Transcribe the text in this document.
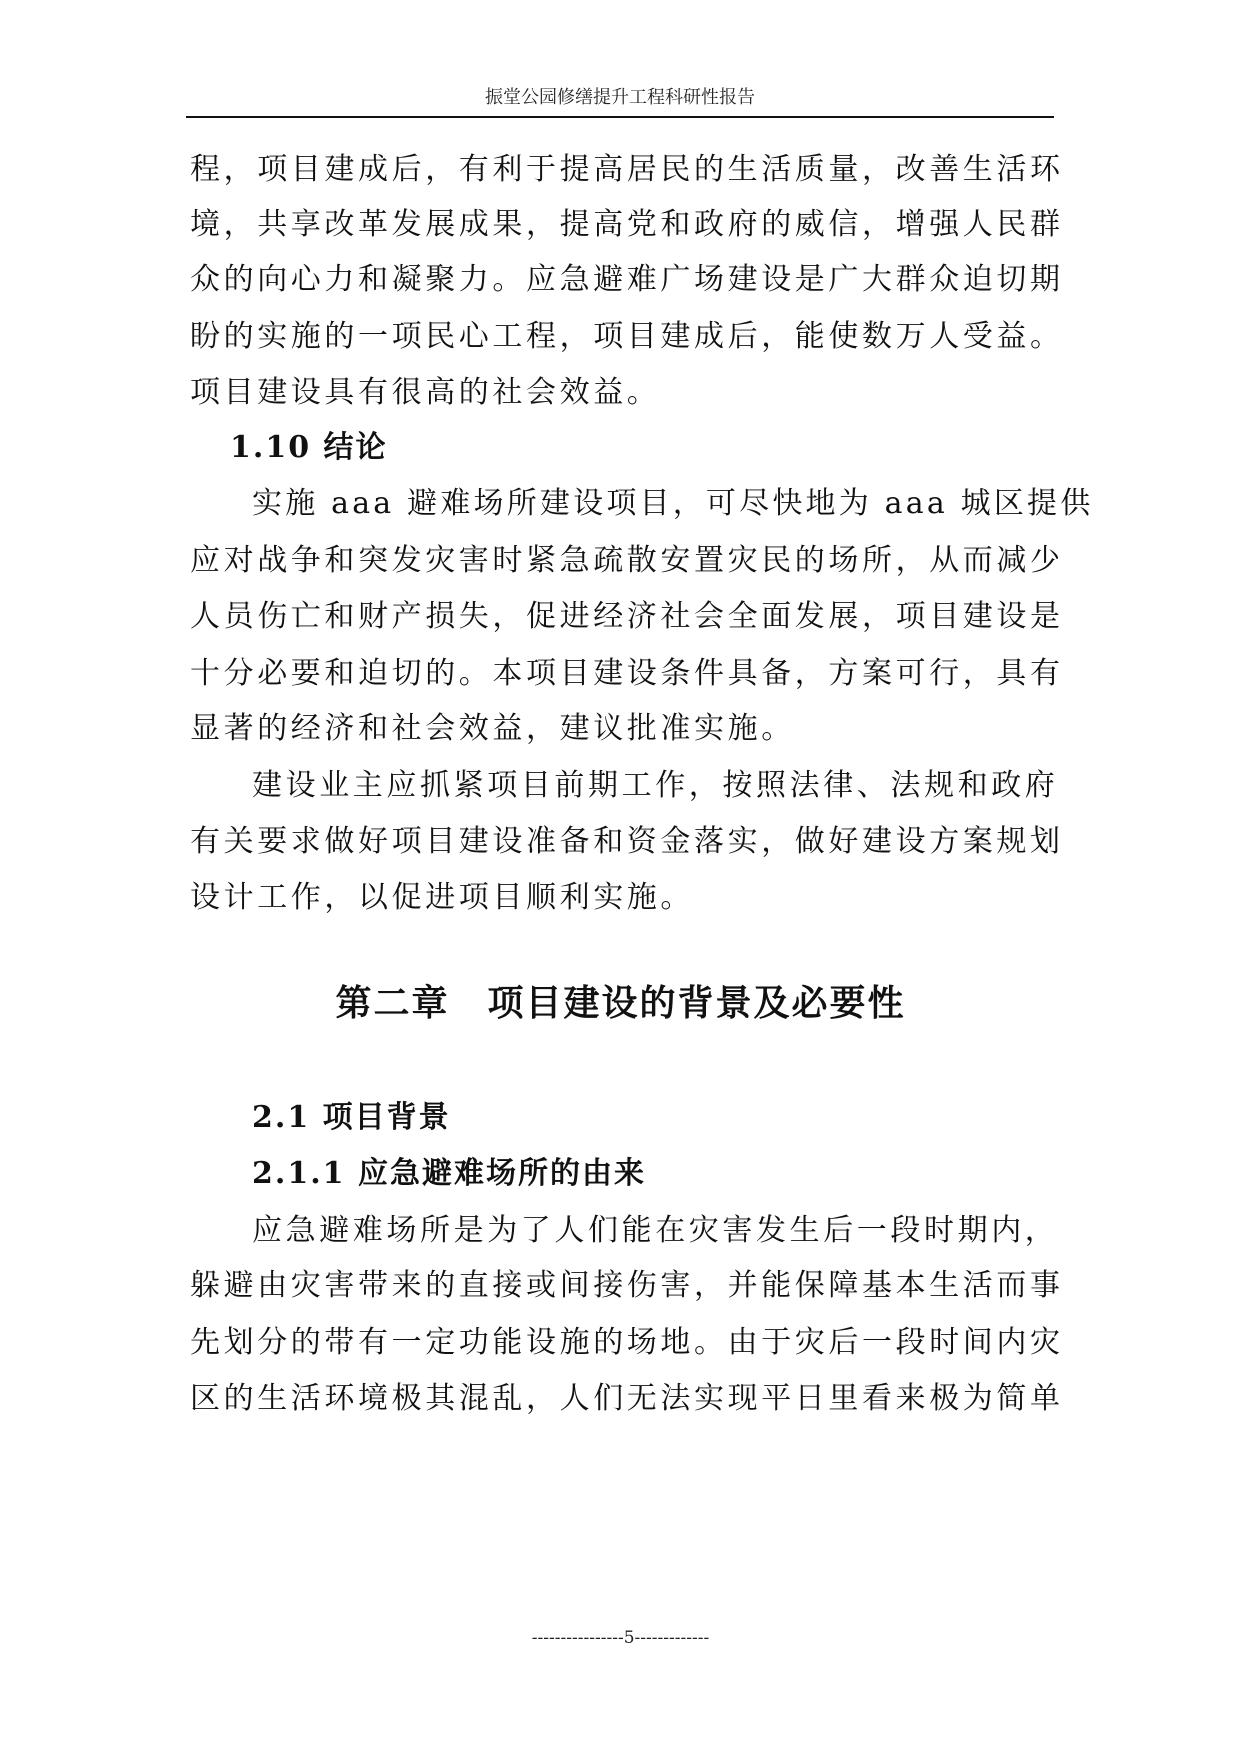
振堂公园修缮提升工程科研性报告
程，项目建成后，有利于提高居民的生活质量，改善生活环
境，共享改革发展成果，提高党和政府的威信，增强人民群
众的向心力和凝聚力。应急避难广场建设是广大群众迫切期
盼的实施的一项民心工程，项目建成后，能使数万人受益。
项目建设具有很高的社会效益。
1.10 结论
实施 aaa 避难场所建设项目，可尽快地为 aaa 城区提供
应对战争和突发灾害时紧急疏散安置灾民的场所，从而减少
人员伤亡和财产损失，促进经济社会全面发展，项目建设是
十分必要和迫切的。本项目建设条件具备，方案可行，具有
显著的经济和社会效益，建议批准实施。
建设业主应抓紧项目前期工作，按照法律、法规和政府
有关要求做好项目建设准备和资金落实，做好建设方案规划
设计工作，以促进项目顺利实施。
第二章　项目建设的背景及必要性
2.1 项目背景
2.1.1 应急避难场所的由来
应急避难场所是为了人们能在灾害发生后一段时期内，
躲避由灾害带来的直接或间接伤害，并能保障基本生活而事
先划分的带有一定功能设施的场地。由于灾后一段时间内灾
区的生活环境极其混乱，人们无法实现平日里看来极为简单
----------------5-------------
